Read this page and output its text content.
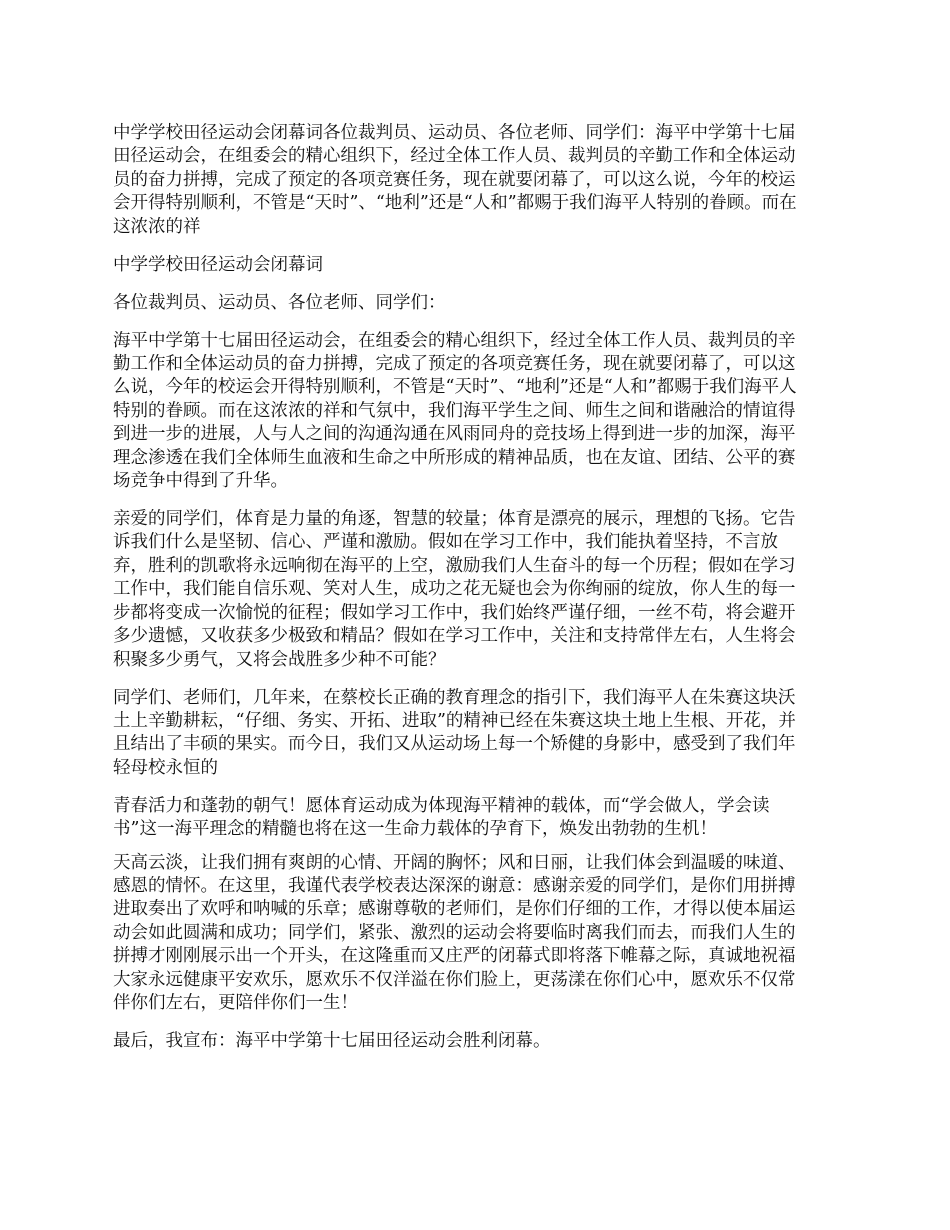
中学学校田径运动会闭幕词各位裁判员、运动员、各位老师、同学们：海平中学第十七届
田径运动会，在组委会的精心组织下，经过全体工作人员、裁判员的辛勤工作和全体运动
员的奋力拼搏，完成了预定的各项竞赛任务，现在就要闭幕了，可以这么说，今年的校运
会开得特别顺利，不管是“天时”、“地利”还是“人和”都赐于我们海平人特别的眷顾。而在
这浓浓的祥

中学学校田径运动会闭幕词

各位裁判员、运动员、各位老师、同学们：

海平中学第十七届田径运动会，在组委会的精心组织下，经过全体工作人员、裁判员的辛
勤工作和全体运动员的奋力拼搏，完成了预定的各项竞赛任务，现在就要闭幕了，可以这
么说，今年的校运会开得特别顺利，不管是“天时”、“地利”还是“人和”都赐于我们海平人
特别的眷顾。而在这浓浓的祥和气氛中，我们海平学生之间、师生之间和谐融洽的情谊得
到进一步的进展，人与人之间的沟通沟通在风雨同舟的竞技场上得到进一步的加深，海平
理念渗透在我们全体师生血液和生命之中所形成的精神品质，也在友谊、团结、公平的赛
场竞争中得到了升华。

亲爱的同学们，体育是力量的角逐，智慧的较量；体育是漂亮的展示，理想的飞扬。它告
诉我们什么是坚韧、信心、严谨和激励。假如在学习工作中，我们能执着坚持，不言放
弃，胜利的凯歌将永远响彻在海平的上空，激励我们人生奋斗的每一个历程；假如在学习
工作中，我们能自信乐观、笑对人生，成功之花无疑也会为你绚丽的绽放，你人生的每一
步都将变成一次愉悦的征程；假如学习工作中，我们始终严谨仔细，一丝不苟，将会避开
多少遗憾，又收获多少极致和精品？假如在学习工作中，关注和支持常伴左右，人生将会
积聚多少勇气，又将会战胜多少种不可能？

同学们、老师们，几年来，在蔡校长正确的教育理念的指引下，我们海平人在朱赛这块沃
土上辛勤耕耘，“仔细、务实、开拓、进取”的精神已经在朱赛这块土地上生根、开花，并
且结出了丰硕的果实。而今日，我们又从运动场上每一个矫健的身影中，感受到了我们年
轻母校永恒的

青春活力和蓬勃的朝气！愿体育运动成为体现海平精神的载体，而“学会做人，学会读
书”这一海平理念的精髓也将在这一生命力载体的孕育下，焕发出勃勃的生机！

天高云淡，让我们拥有爽朗的心情、开阔的胸怀；风和日丽，让我们体会到温暖的味道、
感恩的情怀。在这里，我谨代表学校表达深深的谢意：感谢亲爱的同学们，是你们用拼搏
进取奏出了欢呼和呐喊的乐章；感谢尊敬的老师们，是你们仔细的工作，才得以使本届运
动会如此圆满和成功；同学们，紧张、激烈的运动会将要临时离我们而去，而我们人生的
拼搏才刚刚展示出一个开头，在这隆重而又庄严的闭幕式即将落下帷幕之际，真诚地祝福
大家永远健康平安欢乐，愿欢乐不仅洋溢在你们脸上，更荡漾在你们心中，愿欢乐不仅常
伴你们左右，更陪伴你们一生！

最后，我宣布：海平中学第十七届田径运动会胜利闭幕。
